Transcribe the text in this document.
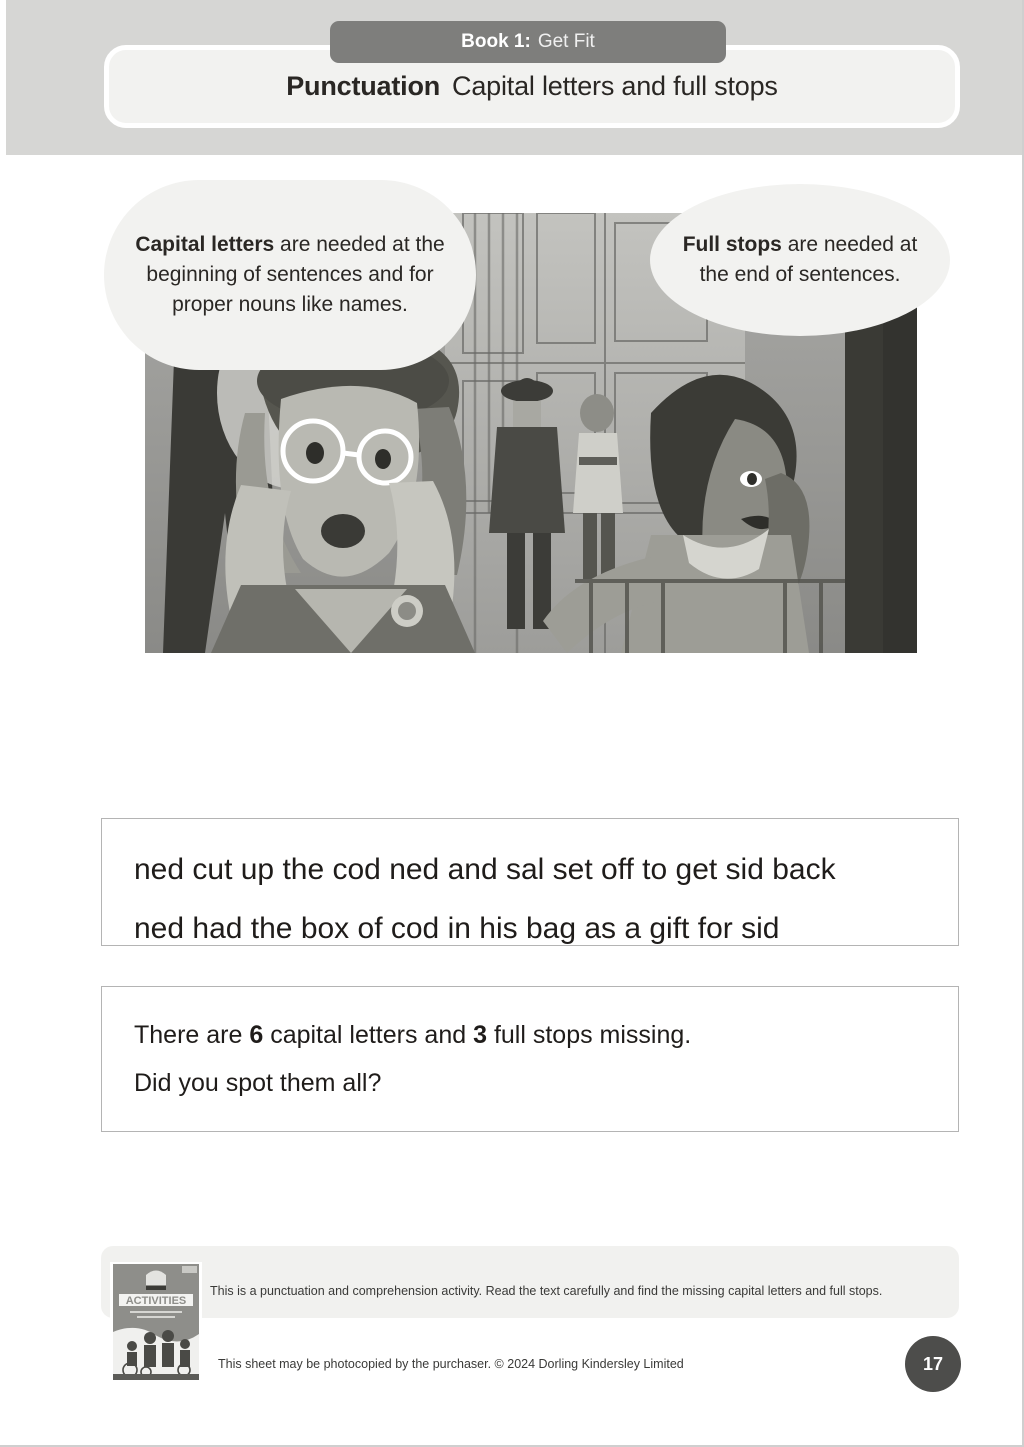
Punctuation Capital letters and full stops
Book 1: Get Fit

Capital letters are needed at the beginning of sentences and for proper nouns like names.

Full stops are needed at the end of sentences.

ned cut up the cod ned and sal set off to get sid back
ned had the box of cod in his bag as a gift for sid
There are 6 capital letters and 3 full stops missing.
Did you spot them all?
ACTIVITIES
This is a punctuation and comprehension activity. Read the text carefully and find the missing capital letters and full stops.
This sheet may be photocopied by the purchaser. © 2024 Dorling Kindersley Limited	17
